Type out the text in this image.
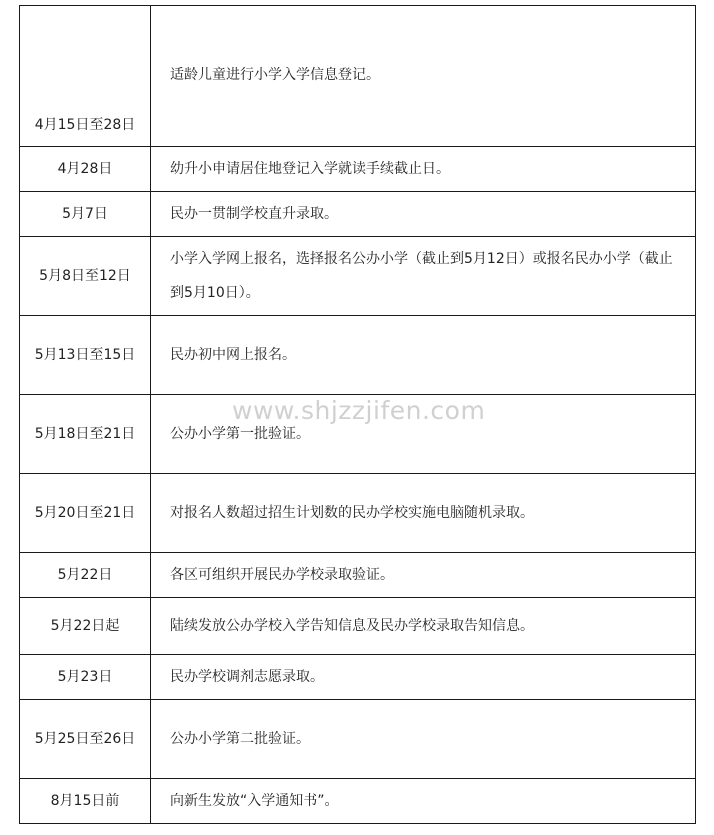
4月15日至28日	适龄儿童进行小学入学信息登记。
4月28日	幼升小申请居住地登记入学就读手续截止日。
5月7日	民办一贯制学校直升录取。
5月8日至12日	小学入学网上报名，选择报名公办小学（截止到5月12日）或报名民办小学（截止到5月10日）。
5月13日至15日	民办初中网上报名。
5月18日至21日	公办小学第一批验证。
5月20日至21日	对报名人数超过招生计划数的民办学校实施电脑随机录取。
5月22日	各区可组织开展民办学校录取验证。
5月22日起	陆续发放公办学校入学告知信息及民办学校录取告知信息。
5月23日	民办学校调剂志愿录取。
5月25日至26日	公办小学第二批验证。
8月15日前	向新生发放“入学通知书”。
www.shjzzjifen.com
